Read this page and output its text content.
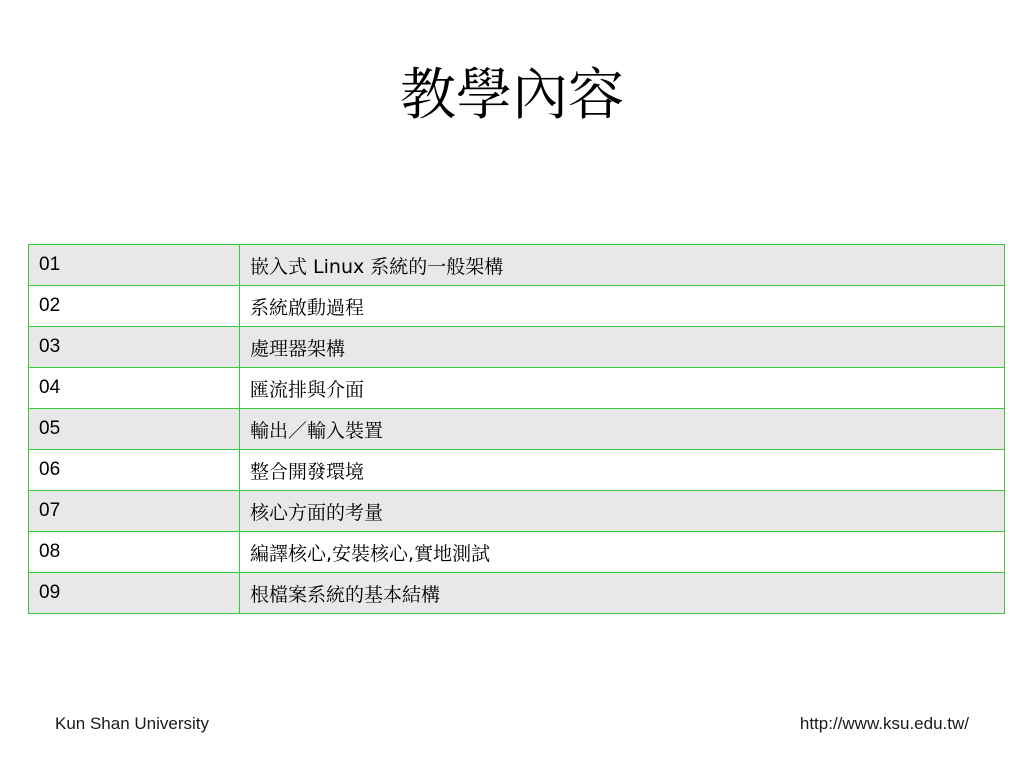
教學內容
01	嵌入式 Linux 系統的一般架構
02	系統啟動過程
03	處理器架構
04	匯流排與介面
05	輸出／輸入裝置
06	整合開發環境
07	核心方面的考量
08	編譯核心,安裝核心,實地測試
09	根檔案系統的基本結構
Kun Shan University	http://www.ksu.edu.tw/
